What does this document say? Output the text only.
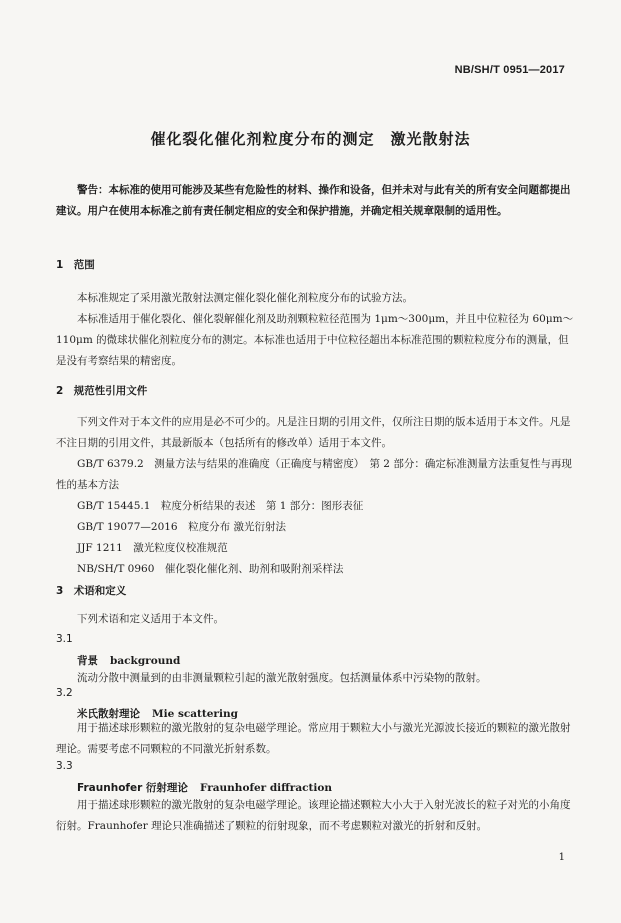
NB/SH/T 0951—2017
催化裂化催化剂粒度分布的测定　激光散射法

警告：本标准的使用可能涉及某些有危险性的材料、操作和设备，但并未对与此有关的所有安全问题都提出建议。用户在使用本标准之前有责任制定相应的安全和保护措施，并确定相关规章限制的适用性。

1　范围

本标准规定了采用激光散射法测定催化裂化催化剂粒度分布的试验方法。

本标准适用于催化裂化、催化裂解催化剂及助剂颗粒粒径范围为 1μm～300μm，并且中位粒径为 60μm～110μm 的微球状催化剂粒度分布的测定。本标准也适用于中位粒径超出本标准范围的颗粒粒度分布的测量，但是没有考察结果的精密度。

2　规范性引用文件

下列文件对于本文件的应用是必不可少的。凡是注日期的引用文件，仅所注日期的版本适用于本文件。凡是不注日期的引用文件，其最新版本（包括所有的修改单）适用于本文件。

GB/T 6379.2　测量方法与结果的准确度（正确度与精密度）　第 2 部分：确定标准测量方法重复性与再现性的基本方法

GB/T 15445.1　粒度分析结果的表述　第 1 部分：图形表征

GB/T 19077—2016　粒度分布 激光衍射法

JJF 1211　激光粒度仪校准规范

NB/SH/T 0960　催化裂化催化剂、助剂和吸附剂采样法

3　术语和定义

下列术语和定义适用于本文件。

3.1
背景 background

流动分散中测量到的由非测量颗粒引起的激光散射强度。包括测量体系中污染物的散射。

3.2
米氏散射理论 Mie scattering

用于描述球形颗粒的激光散射的复杂电磁学理论。常应用于颗粒大小与激光光源波长接近的颗粒的激光散射理论。需要考虑不同颗粒的不同激光折射系数。

3.3
Fraunhofer 衍射理论 Fraunhofer diffraction

用于描述球形颗粒的激光散射的复杂电磁学理论。该理论描述颗粒大小大于入射光波长的粒子对光的小角度衍射。Fraunhofer 理论只准确描述了颗粒的衍射现象，而不考虑颗粒对激光的折射和反射。

1
